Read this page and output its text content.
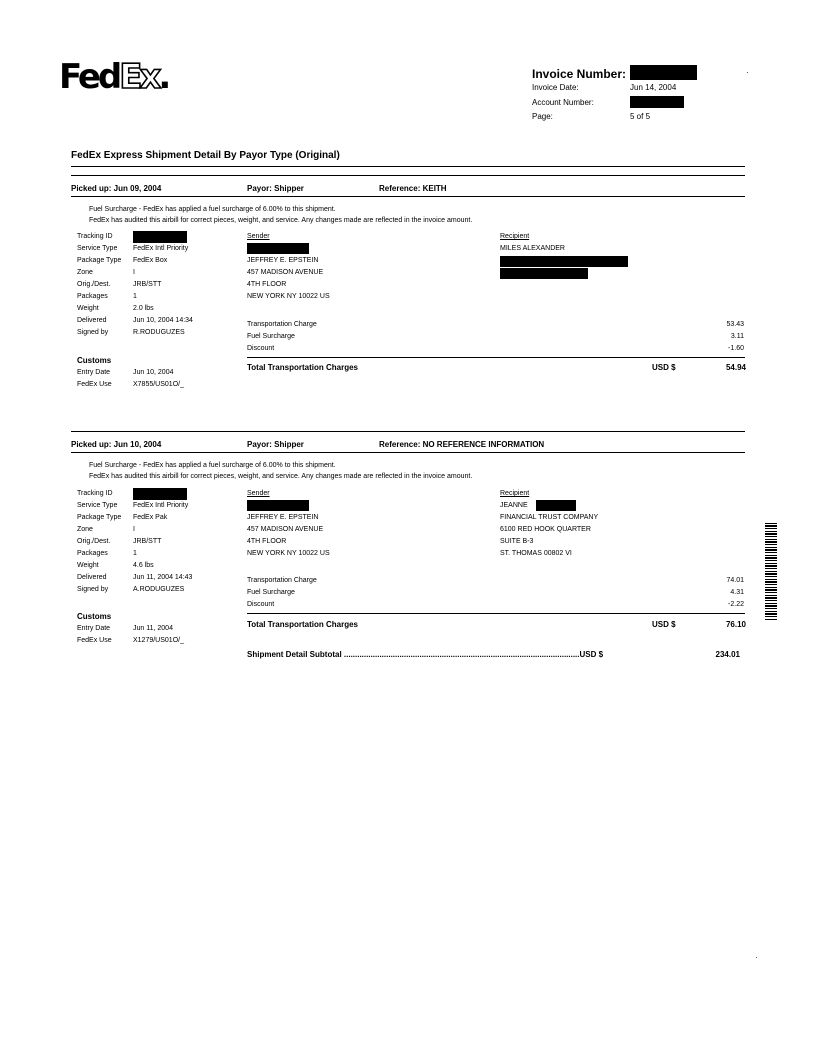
FedEx.	Invoice Number:	·
Invoice Date:	Jun 14, 2004
Account Number:
Page:	5 of 5
FedEx Express Shipment Detail By Payor Type (Original)
Picked up: Jun 09, 2004	Payor: Shipper	Reference: KEITH
Fuel Surcharge - FedEx has applied a fuel surcharge of 6.00% to this shipment.
FedEx has audited this airbill for correct pieces, weight, and service. Any changes made are reflected in the invoice amount.
Tracking ID
Service Type FedEx Intl Priority
Package Type FedEx Box
Zone	I
Orig./Dest.	JRB/STT
Packages	1
Weight	2.0 lbs
Delivered	Jun 10, 2004 14:34
Signed by	R.RODUGUZES
Customs
Entry Date	Jun 10, 2004
FedEx Use	X7855/US01O/_
Sender
JEFFREY E. EPSTEIN
457 MADISON AVENUE
4TH FLOOR
NEW YORK NY 10022 US
Recipient
MILES ALEXANDER
Transportation Charge	53.43
Fuel Surcharge	3.11
Discount	-1.60
Total Transportation Charges	USD $	54.94
Picked up: Jun 10, 2004	Payor: Shipper	Reference: NO REFERENCE INFORMATION
Fuel Surcharge - FedEx has applied a fuel surcharge of 6.00% to this shipment.
FedEx has audited this airbill for correct pieces, weight, and service. Any changes made are reflected in the invoice amount.
Tracking ID
Service Type FedEx Intl Priority
Package Type FedEx Pak
Zone	I
Orig./Dest.	JRB/STT
Packages	1
Weight	4.6 lbs
Delivered	Jun 11, 2004 14:43
Signed by	A.RODUGUZES
Customs
Entry Date	Jun 11, 2004
FedEx Use	X1279/US01O/_
Sender
JEFFREY E. EPSTEIN
457 MADISON AVENUE
4TH FLOOR
NEW YORK NY 10022 US
Recipient
JEANNE
FINANCIAL TRUST COMPANY
6100 RED HOOK QUARTER
SUITE B-3
ST. THOMAS 00802 VI
Transportation Charge	74.01
Fuel Surcharge	4.31
Discount	-2.22
Total Transportation Charges	USD $	76.10
Shipment Detail Subtotal ..........................................................................................................USD $	234.01
·
